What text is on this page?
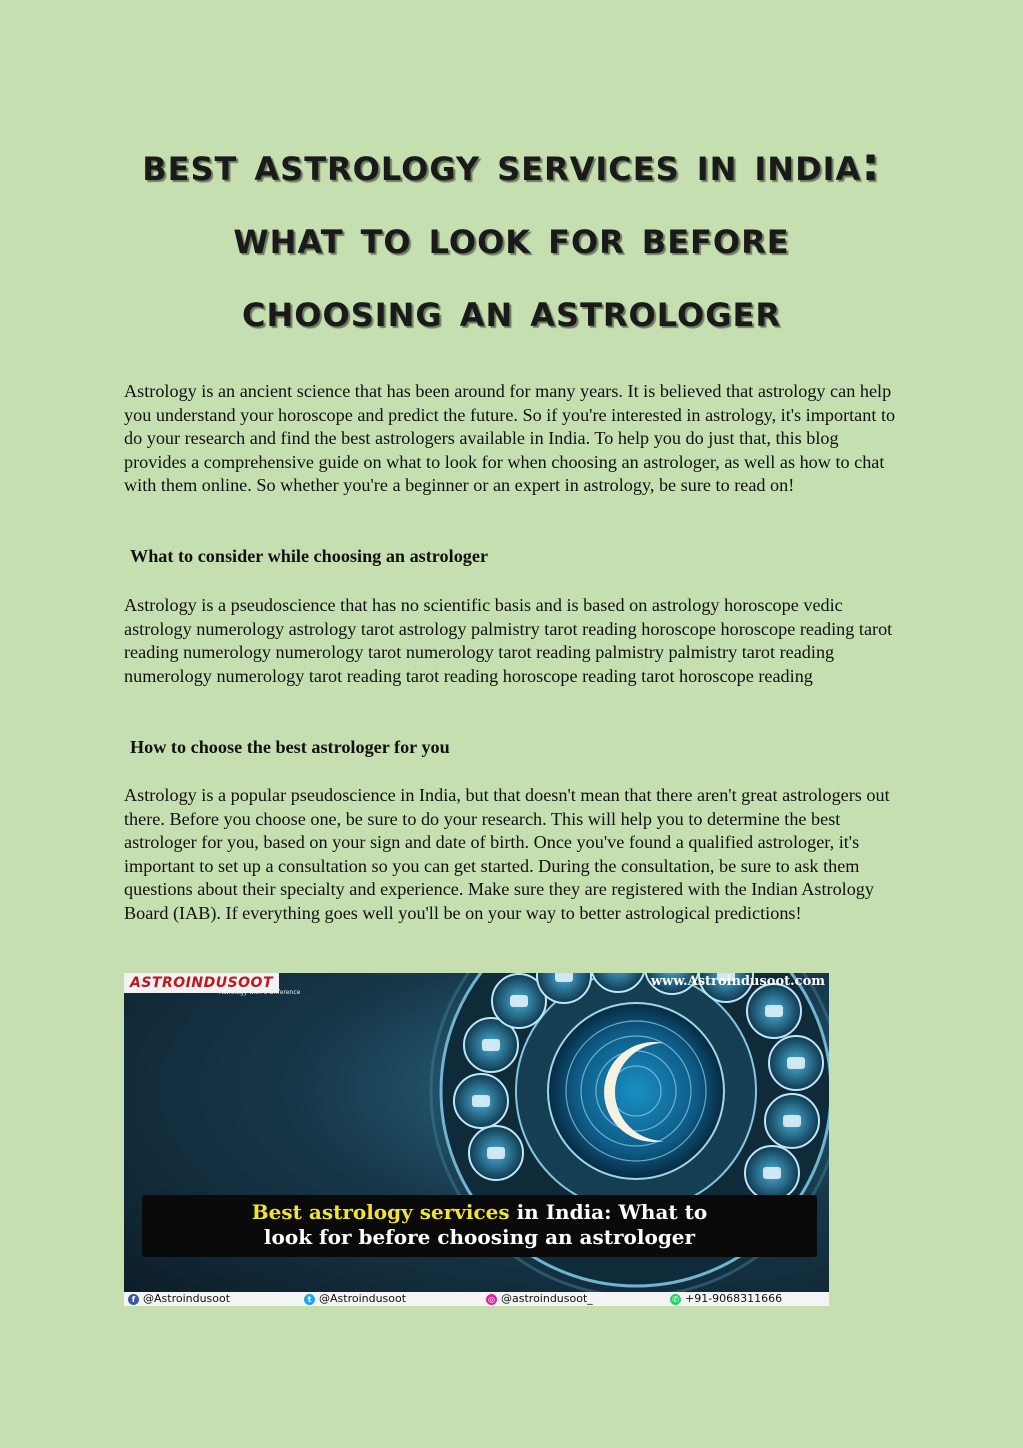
best astrology services in india:
what to look for before
choosing an astrologer

Astrology is an ancient science that has been around for many years. It is believed that astrology can help you understand your horoscope and predict the future. So if you're interested in astrology, it's important to do your research and find the best astrologers available in India. To help you do just that, this blog provides a comprehensive guide on what to look for when choosing an astrologer, as well as how to chat with them online. So whether you're a beginner or an expert in astrology, be sure to read on!

What to consider while choosing an astrologer

Astrology is a pseudoscience that has no scientific basis and is based on astrology horoscope vedic astrology numerology astrology tarot astrology palmistry tarot reading horoscope horoscope reading tarot reading numerology numerology tarot numerology tarot reading palmistry palmistry tarot reading numerology numerology tarot reading tarot reading horoscope reading tarot horoscope reading

How to choose the best astrologer for you

Astrology is a popular pseudoscience in India, but that doesn't mean that there aren't great astrologers out there. Before you choose one, be sure to do your research. This will help you to determine the best astrologer for you, based on your sign and date of birth. Once you've found a qualified astrologer, it's important to set up a consultation so you can get started. During the consultation, be sure to ask them questions about their specialty and experience. Make sure they are registered with the Indian Astrology Board (IAB). If everything goes well you'll be on your way to better astrological predictions!

ASTROINDUSOOT
Astrology with a Difference
www.Astroindusoot.com
Best astrology services in India: What to
look for before choosing an astrologer
f @Astroindusoot	t @Astroindusoot	◎ @astroindusoot_	✆ +91-9068311666
